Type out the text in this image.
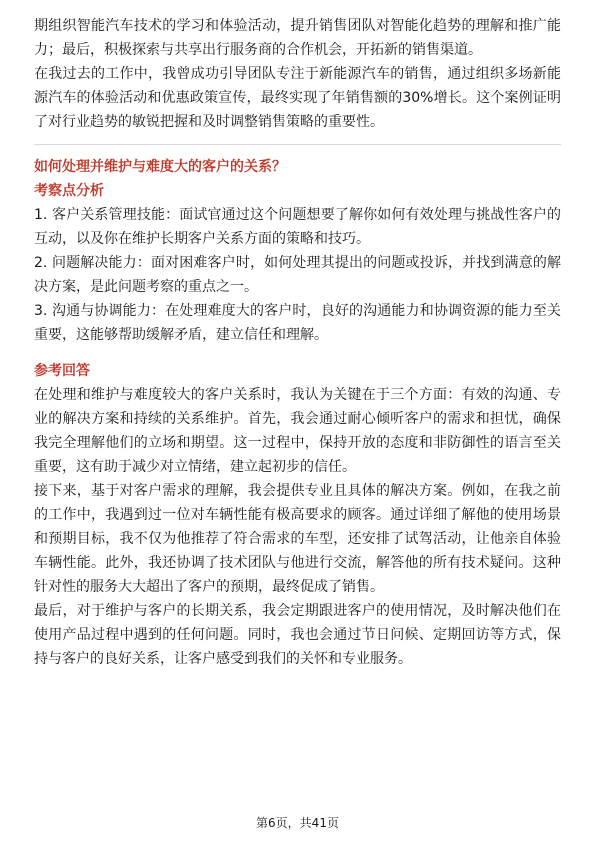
期组织智能汽车技术的学习和体验活动，提升销售团队对智能化趋势的理解和推广能力；最后，积极探索与共享出行服务商的合作机会，开拓新的销售渠道。

在我过去的工作中，我曾成功引导团队专注于新能源汽车的销售，通过组织多场新能源汽车的体验活动和优惠政策宣传，最终实现了年销售额的30%增长。这个案例证明了对行业趋势的敏锐把握和及时调整销售策略的重要性。

如何处理并维护与难度大的客户的关系？

考察点分析

1. 客户关系管理技能：面试官通过这个问题想要了解你如何有效处理与挑战性客户的互动，以及你在维护长期客户关系方面的策略和技巧。

2. 问题解决能力：面对困难客户时，如何处理其提出的问题或投诉，并找到满意的解决方案，是此问题考察的重点之一。

3. 沟通与协调能力：在处理难度大的客户时，良好的沟通能力和协调资源的能力至关重要，这能够帮助缓解矛盾，建立信任和理解。

参考回答

在处理和维护与难度较大的客户关系时，我认为关键在于三个方面：有效的沟通、专业的解决方案和持续的关系维护。首先，我会通过耐心倾听客户的需求和担忧，确保我完全理解他们的立场和期望。这一过程中，保持开放的态度和非防御性的语言至关重要，这有助于减少对立情绪，建立起初步的信任。

接下来，基于对客户需求的理解，我会提供专业且具体的解决方案。例如，在我之前的工作中，我遇到过一位对车辆性能有极高要求的顾客。通过详细了解他的使用场景和预期目标，我不仅为他推荐了符合需求的车型，还安排了试驾活动，让他亲自体验车辆性能。此外，我还协调了技术团队与他进行交流，解答他的所有技术疑问。这种针对性的服务大大超出了客户的预期，最终促成了销售。

最后，对于维护与客户的长期关系，我会定期跟进客户的使用情况，及时解决他们在使用产品过程中遇到的任何问题。同时，我也会通过节日问候、定期回访等方式，保持与客户的良好关系，让客户感受到我们的关怀和专业服务。

第6页，共41页
